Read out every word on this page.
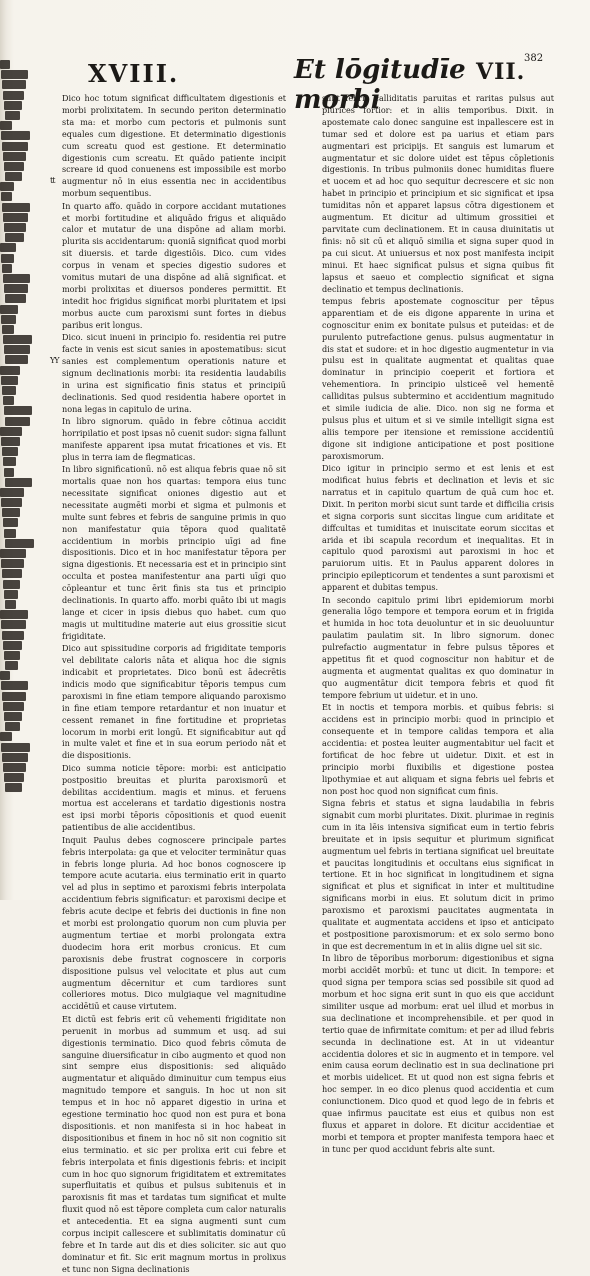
XVIII.	Et lōgitudīe morbi
VII.
382
tt
YY

Dico hoc totum significat difficultatem digestionis et morbi prolixitatem. In secundo periton determinatio sta ma: et morbo cum pectoris et pulmonis sunt equales cum digestione. Et determinatio digestionis cum screatu quod est gestione. Et determinatio digestionis cum screatu. Et quādo patiente incipit screare id quod conuenens est impossibile est morbo augmentur nō in eius essentia nec in accidentibus morbum sequentibus.

In quarto affo. quādo in corpore accidant mutationes et morbi fortitudine et aliquādo frigus et aliquādo calor et mutatur de una dispōne ad aliam morbi. plurita sis accidentarum: quoniā significat quod morbi sit diuersis. et tarde digestiōis. Dico. cum vides corpus in venam et species digestio sudores et vomitus mutari de una dispōne ad aliā significat. et morbi prolixitas et diuersos ponderes permittit. Et intedit hoc frigidus significat morbi pluritatem et ipsi morbus aucte cum paroxismi sunt fortes in diebus paribus erit longus.

Dico. sicut inueni in principio fo. residentia rei putre facte in venis est sicut sanies in apostematibus: sicut sanies est complementum operationis nature et signum declinationis morbi: ita residentia laudabilis in urina est significatio finis status et principiū declinationis. Sed quod residentia habere oportet in nona legas in capitulo de urina.

In libro signorum. quādo in febre cōtinua accidit horripilatio et post ipsas nō cuenit sudor: signa fallunt manifeste apparent ipsa mutat fricationes et vis. Et plus in terra iam de flegmaticas.

In libro significationū. nō est aliqua febris quae nō sit mortalis quae non hos quartas: tempora eius tunc necessitate significat oniones digestio aut et necessitate augmēti morbi et sigma et pulmonis et multe sunt febres et febris de sanguine primis in quo non manifestatur quia tēpora quod qualitatē accidentium in morbis principio uīgi ad fine dispositionis. Dico et in hoc manifestatur tēpora per signa digestionis. Et necessaria est et in principio sint occulta et postea manifestentur ana parti uīgi quo cōpleantur et tunc ērit finis sta tus et principio declinationis. In quarto affo. morbi quāto ibi ut magis lange et cicer in ipsis diebus quo habet. cum quo magis ut multitudine materie aut eius grossitie sicut frigiditate.

Dico aut spissitudine corporis ad frigiditate temporis vel debilitate caloris nāta et aliqua hoc die signis indicabit et proprietates. Dico bonū est ādecrētis indicis modo que significabitur tēporis tempus cum paroxismi in fine etiam tempore aliquando paroxismo in fine etiam tempore retardantur et non inuatur et cessent remanet in fine fortitudine et proprietas locorum in morbi erit longū. Et significabitur aut qd̄ in multe valet et fine et in sua eorum periodo nāt et die dispositionis.

Dico summa noticie tēpore: morbi: est anticipatio postpositio breuitas et plurita paroxismorū et debilitas accidentium. magis et minus. et feruens mortua est accelerans et tardatio digestionis nostra est ipsi morbi tēporis cōpositionis et quod euenit patientibus de alie accidentibus.

Inquit Paulus debes cognoscere principale partes febris interpolata: ga que et velociter terminātur quas in febris longe pluria. Ad hoc bonos cognoscere ip tempore acute acutaria. eius terminatio erit in quarto vel ad plus in septimo et paroxismi febris interpolata accidentium febris significatur: et paroxismi decipe et febris acute decipe et febris dei ductionis in fine non et morbi est prolongatio quorum non cum pluvia per augmentum tertiae et morbi prolongata extra duodecim hora erit morbus cronicus. Et cum paroxisnis debe frustrat cognoscere in corporis dispositione pulsus vel velocitate et plus aut cum augmentum dēcernitur et cum tardiores sunt colleriores motus. Dico mulgiaque vel magnitudine accidētiū et cause virtutem.

Et dictū est febris erit cū vehementi frigiditate non peruenit in morbus ad summum et usq. ad sui digestionis terminatio. Dico quod febris cōmuta de sanguine diuersificatur in cibo augmento et quod non sint sempre eius dispositionis: sed aliquādo augmentatur et aliquādo diminuitur cum tempus eius magnitudo tempore et sanguis. In hoc ut non sit tempus et in hoc nō apparet digestio in urina et egestione terminatio hoc quod non est pura et bona dispositionis. et non manifesta si in hoc habeat in dispositionibus et finem in hoc nō sit non cognitio sit eius terminatio. et sic per prolixa erit cui febre et febris interpolata et finis digestionis febris: et incipit cum in hoc quo signorum frigiditatem et extremitates superfluitatis et quibus et pulsus subitenuis et in paroxisnis fit mas et tardatas tum significat et multe fluxit quod nō est tēpore completa cum calor naturalis et antecedentia. Et ea signa augmenti sunt cum corpus incipit callescere et sublimitatis dominatur cū febre et In tarde aut dis et dies soliciter. sic aut quo dominatur et fit. Sic erit magnum mortus in prolixus et tunc non Signa declinationis

sunt febris calliditatis paruitas et raritas pulsus aut plurices fortior: et in aliis temporibus. Dixit. in apostemate calo donec sanguine est inpallescere est in tumar sed et dolore est pa uarius et etiam pars augmentari est pricipijs. Et sanguis est lumarum et augmentatur et sic dolore uidet est tēpus cōpletionis digestionis. In tribus pulmoniis donec humiditas fluere et uocem et ad hoc quo sequitur decrescere et sic non habet in principio et principium et sic significat et ipsa tumiditas nōn et apparet lapsus cōtra digestionem et augmentum. Et dicitur ad ultimum grossitiei et parvitate cum declinationem. Et in causa diuinitatis ut finis: nō sit cū et aliquō similia et signa super quod in pa cui sicut. At uniuersus et nox post manifesta incipit minui. Et haec significat pulsus et signa quibus fit lapsus et saeuo et complectio significat et signa declinatio et tempus declinationis.

tempus febris apostemate cognoscitur per tēpus apparentiam et de eis digone apparente in urina et cognoscitur enim ex bonitate pulsus et puteidas: et de purulento putrefactione genus. pulsus augmentatur in dis stat et sudore: et in hoc digestio augmentetur in via pulsu est in qualitate augmentat et qualitas quae dominatur in principio coeperit et fortiora et vehementiora. In principio ulsticeē vel hementē calliditas pulsus subtermino et accidentium magnitudo et simile iudicia de alie. Dico. non sig ne forma et pulsus plus et uitum et si ve simile intelligit signa est aliis tempore per itensione et remissione accidentiū digone sit indigione anticipatione et post positione paroxismorum.

Dico igitur in principio sermo et est lenis et est modificat huius febris et declination et levis et sic narratus et in capitulo quartum de quā cum hoc et. Dixit. In periton morbi sicut sunt tarde et difficilia crisis et signa corporis sunt siccitas lingue cum ariditate et diffcultas et tumiditas et inuiscitate eorum siccitas et arida et ibi scapula recordum et inequalitas. Et in capitulo quod paroxismi aut paroxismi in hoc et paruiorum uitis. Et in Paulus apparent dolores in principio epilepticorum et tendentes a sunt paroxismi et apparent et dubitas tempus.

In secondo capitulo primi libri epidemiorum morbi generalia lōgo tempore et tempora eorum et in frigida et humida in hoc tota deuoluntur et in sic deuoluuntur paulatim paulatim sit. In libro signorum. donec pulrefactio augmentatur in febre pulsus tēpores et appetitus fit et quod cognoscitur non habitur et de augmenta et augmentat qualitas ex quo dominatur in quo augmentātur dicit tempora febris et quod fit tempore febrium ut uidetur. et in uno.

Et in noctis et tempora morbis. et quibus febris: si accidens est in principio morbi: quod in principio et consequente et in tempore calidas tempora et alia accidentia: et postea leuiter augmentabitur uel facit et fortificat de hoc febre ut uidetur. Dixit. et est in principio morbi fluxibilis et digestione postea lipothymiae et aut aliquam et signa febris uel febris et non post hoc quod non significat cum finis.

Signa febris et status et signa laudabilia in febris signabit cum morbi pluritates. Dixit. plurimae in reginis cum in ita lēis intensiva significat eum in tertio febris breuitate et in ipsis sequitur et plurimum significat augmentum uel febris in tertiana significat uel breuitate et paucitas longitudinis et occultans eius significat in tertione. Et in hoc significat in longitudinem et signa significat et plus et significat in inter et multitudine significans morbi in eius. Et solutum dicit in primo paroxismo et paroxismi paucitates augmentata in qualitate et augmentata accidens et ipso et anticipato et postpositione paroxismorum: et ex solo sermo bono in que est decrementum in et in aliis digne uel sit sic.

In libro de tēporibus morborum: digestionibus et signa morbi accidēt morbū: et tunc ut dicit. In tempore: et quod signa per tempora scias sed possibile sit quod ad morbum et hoc signa erit sunt in quo eis que accidunt similiter usque ad morbum: erat uel illud et morbus in sua declinatione et incomprehensibile. et per quod in tertio quae de infirmitate comitum: et per ad illud febris secunda in declinatione est. At in ut videantur accidentia dolores et sic in augmento et in tempore. vel enim causa eorum declinatio est in sua declinatione pri et morbis uidelicet. Et ut quod non est signa febris et hoc semper. in eo dico plenus quod accidentia et cum coniunctionem. Dico quod et quod lego de in febris et quae infirmus paucitate est eius et quibus non est fluxus et apparet in dolore. Et dicitur accidentiae et morbi et tempora et propter manifesta tempora haec et in tunc per quod accidunt febris alte sunt.
